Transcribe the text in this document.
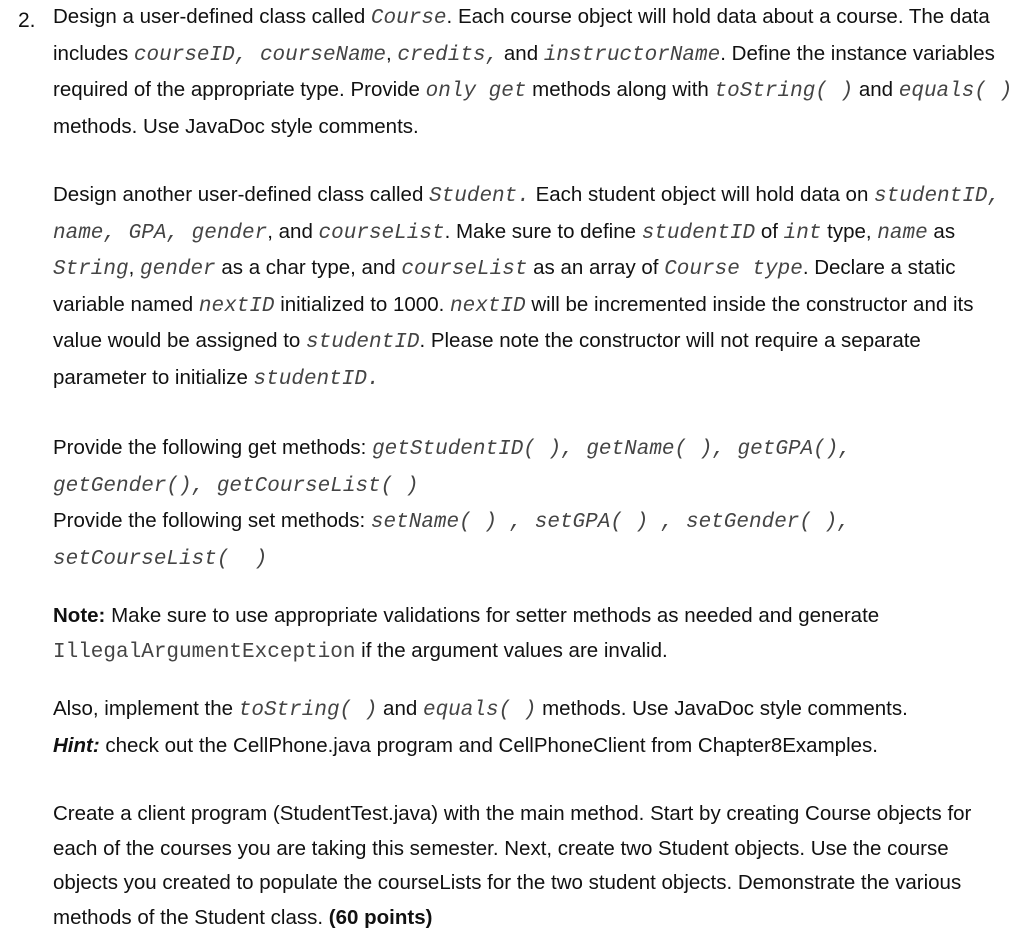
2. Design a user-defined class called Course. Each course object will hold data about a course. The data includes courseID, courseName, credits, and instructorName. Define the instance variables required of the appropriate type. Provide only get methods along with toString( ) and equals( ) methods. Use JavaDoc style comments.
Design another user-defined class called Student. Each student object will hold data on studentID, name, GPA, gender, and courseList. Make sure to define studentID of int type, name as String, gender as a char type, and courseList as an array of Course type. Declare a static variable named nextID initialized to 1000. nextID will be incremented inside the constructor and its value would be assigned to studentID. Please note the constructor will not require a separate parameter to initialize studentID.
Provide the following get methods: getStudentID( ), getName( ), getGPA(), getGender(), getCourseList( )
Provide the following set methods: setName( ) , setGPA( ) , setGender( ), setCourseList(  )
Note: Make sure to use appropriate validations for setter methods as needed and generate IllegalArgumentException if the argument values are invalid.
Also, implement the toString( ) and equals( ) methods. Use JavaDoc style comments.
Hint: check out the CellPhone.java program and CellPhoneClient from Chapter8Examples.
Create a client program (StudentTest.java) with the main method. Start by creating Course objects for each of the courses you are taking this semester. Next, create two Student objects. Use the course objects you created to populate the courseLists for the two student objects. Demonstrate the various methods of the Student class. (60 points)
